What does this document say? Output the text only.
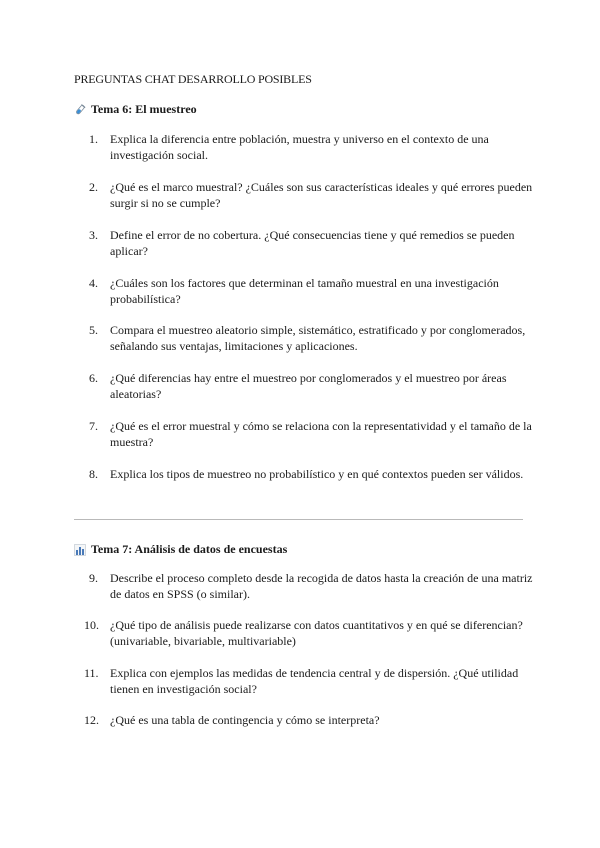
PREGUNTAS CHAT DESARROLLO POSIBLES
Tema 6: El muestreo
1.	Explica la diferencia entre población, muestra y universo en el contexto de una investigación social.
2.	¿Qué es el marco muestral? ¿Cuáles son sus características ideales y qué errores pueden surgir si no se cumple?
3.	Define el error de no cobertura. ¿Qué consecuencias tiene y qué remedios se pueden aplicar?
4.	¿Cuáles son los factores que determinan el tamaño muestral en una investigación probabilística?
5.	Compara el muestreo aleatorio simple, sistemático, estratificado y por conglomerados, señalando sus ventajas, limitaciones y aplicaciones.
6.	¿Qué diferencias hay entre el muestreo por conglomerados y el muestreo por áreas aleatorias?
7.	¿Qué es el error muestral y cómo se relaciona con la representatividad y el tamaño de la muestra?
8.	Explica los tipos de muestreo no probabilístico y en qué contextos pueden ser válidos.
Tema 7: Análisis de datos de encuestas
9.	Describe el proceso completo desde la recogida de datos hasta la creación de una matriz de datos en SPSS (o similar).
10. ¿Qué tipo de análisis puede realizarse con datos cuantitativos y en qué se diferencian? (univariable, bivariable, multivariable)
11. Explica con ejemplos las medidas de tendencia central y de dispersión. ¿Qué utilidad tienen en investigación social?
12. ¿Qué es una tabla de contingencia y cómo se interpreta?
